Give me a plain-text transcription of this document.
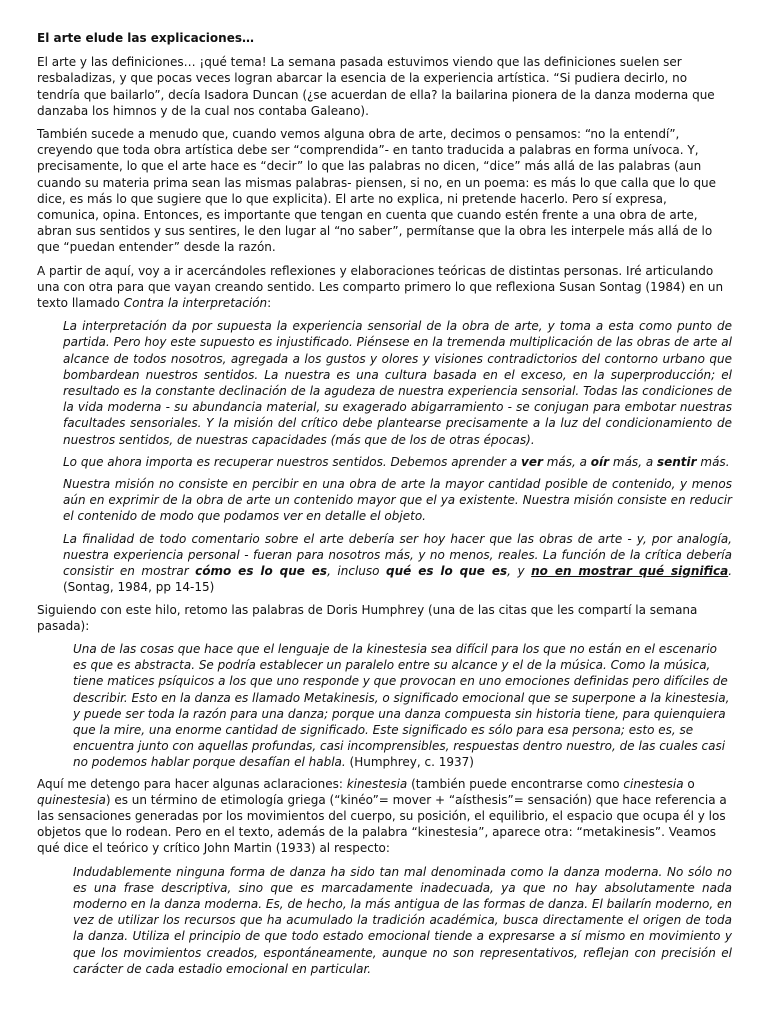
El arte elude las explicaciones…

El arte y las definiciones… ¡qué tema! La semana pasada estuvimos viendo que las definiciones suelen ser resbaladizas, y que pocas veces logran abarcar la esencia de la experiencia artística. “Si pudiera decirlo, no tendría que bailarlo”, decía Isadora Duncan (¿se acuerdan de ella? la bailarina pionera de la danza moderna que danzaba los himnos y de la cual nos contaba Galeano).

También sucede a menudo que, cuando vemos alguna obra de arte, decimos o pensamos: “no la entendí”, creyendo que toda obra artística debe ser “comprendida”- en tanto traducida a palabras en forma unívoca. Y, precisamente, lo que el arte hace es “decir” lo que las palabras no dicen, “dice” más allá de las palabras (aun cuando su materia prima sean las mismas palabras- piensen, si no, en un poema: es más lo que calla que lo que dice, es más lo que sugiere que lo que explicita). El arte no explica, ni pretende hacerlo. Pero sí expresa, comunica, opina. Entonces, es importante que tengan en cuenta que cuando estén frente a una obra de arte, abran sus sentidos y sus sentires, le den lugar al “no saber”, permítanse que la obra les interpele más allá de lo que “puedan entender” desde la razón.

A partir de aquí, voy a ir acercándoles reflexiones y elaboraciones teóricas de distintas personas. Iré articulando una con otra para que vayan creando sentido. Les comparto primero lo que reflexiona Susan Sontag (1984) en un texto llamado Contra la interpretación:

La interpretación da por supuesta la experiencia sensorial de la obra de arte, y toma a esta como punto de partida. Pero hoy este supuesto es injustificado. Piénsese en la tremenda multiplicación de las obras de arte al alcance de todos nosotros, agregada a los gustos y olores y visiones contradictorios del contorno urbano que bombardean nuestros sentidos. La nuestra es una cultura basada en el exceso, en la superproducción; el resultado es la constante declinación de la agudeza de nuestra experiencia sensorial. Todas las condiciones de la vida moderna - su abundancia material, su exagerado abigarramiento - se conjugan para embotar nuestras facultades sensoriales. Y la misión del crítico debe plantearse precisamente a la luz del condicionamiento de nuestros sentidos, de nuestras capacidades (más que de los de otras épocas).

Lo que ahora importa es recuperar nuestros sentidos. Debemos aprender a ver más, a oír más, a sentir más.

Nuestra misión no consiste en percibir en una obra de arte la mayor cantidad posible de contenido, y menos aún en exprimir de la obra de arte un contenido mayor que el ya existente. Nuestra misión consiste en reducir el contenido de modo que podamos ver en detalle el objeto.

La finalidad de todo comentario sobre el arte debería ser hoy hacer que las obras de arte - y, por analogía, nuestra experiencia personal - fueran para nosotros más, y no menos, reales. La función de la crítica debería consistir en mostrar cómo es lo que es, incluso qué es lo que es, y no en mostrar qué significa. (Sontag, 1984, pp 14-15)

Siguiendo con este hilo, retomo las palabras de Doris Humphrey (una de las citas que les compartí la semana pasada):

Una de las cosas que hace que el lenguaje de la kinestesia sea difícil para los que no están en el escenario es que es abstracta. Se podría establecer un paralelo entre su alcance y el de la música. Como la música, tiene matices psíquicos a los que uno responde y que provocan en uno emociones definidas pero difíciles de describir. Esto en la danza es llamado Metakinesis, o significado emocional que se superpone a la kinestesia, y puede ser toda la razón para una danza; porque una danza compuesta sin historia tiene, para quienquiera que la mire, una enorme cantidad de significado. Este significado es sólo para esa persona; esto es, se encuentra junto con aquellas profundas, casi incomprensibles, respuestas dentro nuestro, de las cuales casi no podemos hablar porque desafían el habla. (Humphrey, c. 1937)

Aquí me detengo para hacer algunas aclaraciones: kinestesia (también puede encontrarse como cinestesia o quinestesia) es un término de etimología griega (“kinéo”= mover + “aísthesis”= sensación) que hace referencia a las sensaciones generadas por los movimientos del cuerpo, su posición, el equilibrio, el espacio que ocupa él y los objetos que lo rodean. Pero en el texto, además de la palabra “kinestesia”, aparece otra: “metakinesis”. Veamos qué dice el teórico y crítico John Martin (1933) al respecto:

Indudablemente ninguna forma de danza ha sido tan mal denominada como la danza moderna. No sólo no es una frase descriptiva, sino que es marcadamente inadecuada, ya que no hay absolutamente nada moderno en la danza moderna. Es, de hecho, la más antigua de las formas de danza. El bailarín moderno, en vez de utilizar los recursos que ha acumulado la tradición académica, busca directamente el origen de toda la danza. Utiliza el principio de que todo estado emocional tiende a expresarse a sí mismo en movimiento y que los movimientos creados, espontáneamente, aunque no son representativos, reflejan con precisión el carácter de cada estadio emocional en particular.
